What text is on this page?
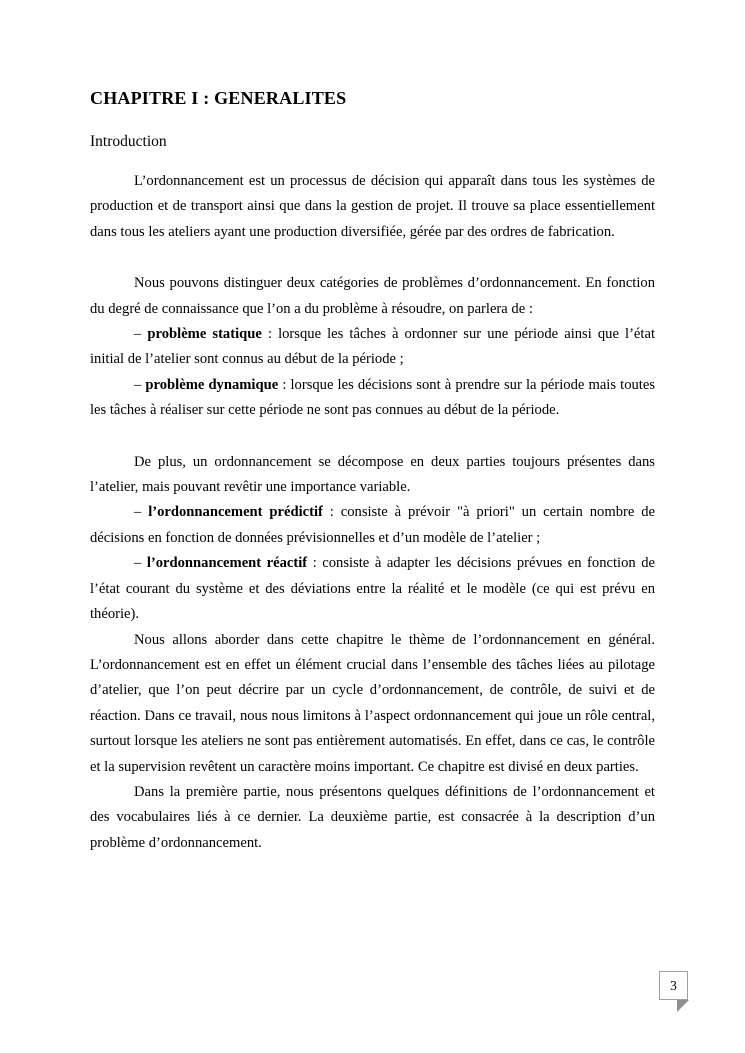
CHAPITRE I : GENERALITES
Introduction

L’ordonnancement est un processus de décision qui apparaît dans tous les systèmes de production et de transport ainsi que dans la gestion de projet. Il trouve sa place essentiellement dans tous les ateliers ayant une production diversifiée, gérée par des ordres de fabrication.

Nous pouvons distinguer deux catégories de problèmes d’ordonnancement. En fonction du degré de connaissance que l’on a du problème à résoudre, on parlera de :

– problème statique : lorsque les tâches à ordonner sur une période ainsi que l’état initial de l’atelier sont connus au début de la période ;

– problème dynamique : lorsque les décisions sont à prendre sur la période mais toutes les tâches à réaliser sur cette période ne sont pas connues au début de la période.

De plus, un ordonnancement se décompose en deux parties toujours présentes dans l’atelier, mais pouvant revêtir une importance variable.

– l’ordonnancement prédictif : consiste à prévoir "à priori" un certain nombre de décisions en fonction de données prévisionnelles et d’un modèle de l’atelier ;

– l’ordonnancement réactif : consiste à adapter les décisions prévues en fonction de l’état courant du système et des déviations entre la réalité et le modèle (ce qui est prévu en théorie).

Nous allons aborder dans cette chapitre le thème de l’ordonnancement en général. L’ordonnancement est en effet un élément crucial dans l’ensemble des tâches liées au pilotage d’atelier, que l’on peut décrire par un cycle d’ordonnancement, de contrôle, de suivi et de réaction. Dans ce travail, nous nous limitons à l’aspect ordonnancement qui joue un rôle central, surtout lorsque les ateliers ne sont pas entièrement automatisés. En effet, dans ce cas, le contrôle et la supervision revêtent un caractère moins important. Ce chapitre est divisé en deux parties.

Dans la première partie, nous présentons quelques définitions de l’ordonnancement et des vocabulaires liés à ce dernier. La deuxième partie, est consacrée à la description d’un problème d’ordonnancement.

3
